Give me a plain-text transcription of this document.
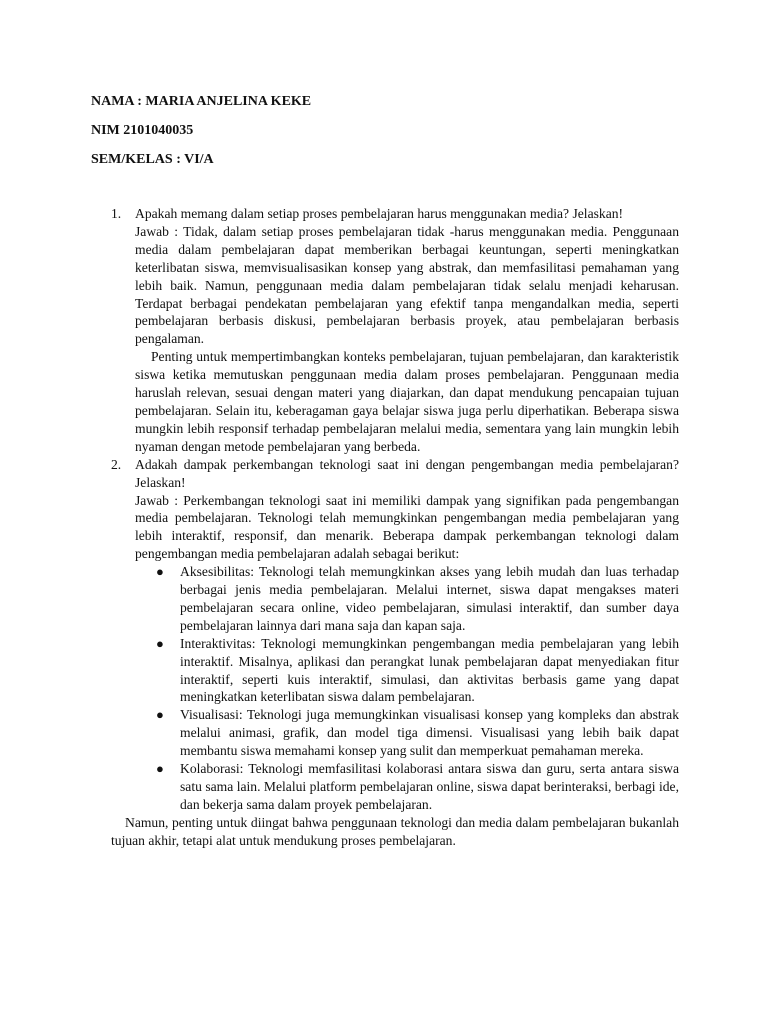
NAMA : MARIA ANJELINA KEKE
NIM 2101040035
SEM/KELAS : VI/A
1. Apakah memang dalam setiap proses pembelajaran harus menggunakan media? Jelaskan!
Jawab : Tidak, dalam setiap proses pembelajaran tidak -harus menggunakan media. Penggunaan media dalam pembelajaran dapat memberikan berbagai keuntungan, seperti meningkatkan keterlibatan siswa, memvisualisasikan konsep yang abstrak, dan memfasilitasi pemahaman yang lebih baik. Namun, penggunaan media dalam pembelajaran tidak selalu menjadi keharusan. Terdapat berbagai pendekatan pembelajaran yang efektif tanpa mengandalkan media, seperti pembelajaran berbasis diskusi, pembelajaran berbasis proyek, atau pembelajaran berbasis pengalaman.
Penting untuk mempertimbangkan konteks pembelajaran, tujuan pembelajaran, dan karakteristik siswa ketika memutuskan penggunaan media dalam proses pembelajaran. Penggunaan media haruslah relevan, sesuai dengan materi yang diajarkan, dan dapat mendukung pencapaian tujuan pembelajaran. Selain itu, keberagaman gaya belajar siswa juga perlu diperhatikan. Beberapa siswa mungkin lebih responsif terhadap pembelajaran melalui media, sementara yang lain mungkin lebih nyaman dengan metode pembelajaran yang berbeda.
2. Adakah dampak perkembangan teknologi saat ini dengan pengembangan media pembelajaran? Jelaskan!
Jawab : Perkembangan teknologi saat ini memiliki dampak yang signifikan pada pengembangan media pembelajaran. Teknologi telah memungkinkan pengembangan media pembelajaran yang lebih interaktif, responsif, dan menarik. Beberapa dampak perkembangan teknologi dalam pengembangan media pembelajaran adalah sebagai berikut:
● Aksesibilitas: Teknologi telah memungkinkan akses yang lebih mudah dan luas terhadap berbagai jenis media pembelajaran. Melalui internet, siswa dapat mengakses materi pembelajaran secara online, video pembelajaran, simulasi interaktif, dan sumber daya pembelajaran lainnya dari mana saja dan kapan saja.
● Interaktivitas: Teknologi memungkinkan pengembangan media pembelajaran yang lebih interaktif. Misalnya, aplikasi dan perangkat lunak pembelajaran dapat menyediakan fitur interaktif, seperti kuis interaktif, simulasi, dan aktivitas berbasis game yang dapat meningkatkan keterlibatan siswa dalam pembelajaran.
● Visualisasi: Teknologi juga memungkinkan visualisasi konsep yang kompleks dan abstrak melalui animasi, grafik, dan model tiga dimensi. Visualisasi yang lebih baik dapat membantu siswa memahami konsep yang sulit dan memperkuat pemahaman mereka.
● Kolaborasi: Teknologi memfasilitasi kolaborasi antara siswa dan guru, serta antara siswa satu sama lain. Melalui platform pembelajaran online, siswa dapat berinteraksi, berbagi ide, dan bekerja sama dalam proyek pembelajaran.
Namun, penting untuk diingat bahwa penggunaan teknologi dan media dalam pembelajaran bukanlah tujuan akhir, tetapi alat untuk mendukung proses pembelajaran.
